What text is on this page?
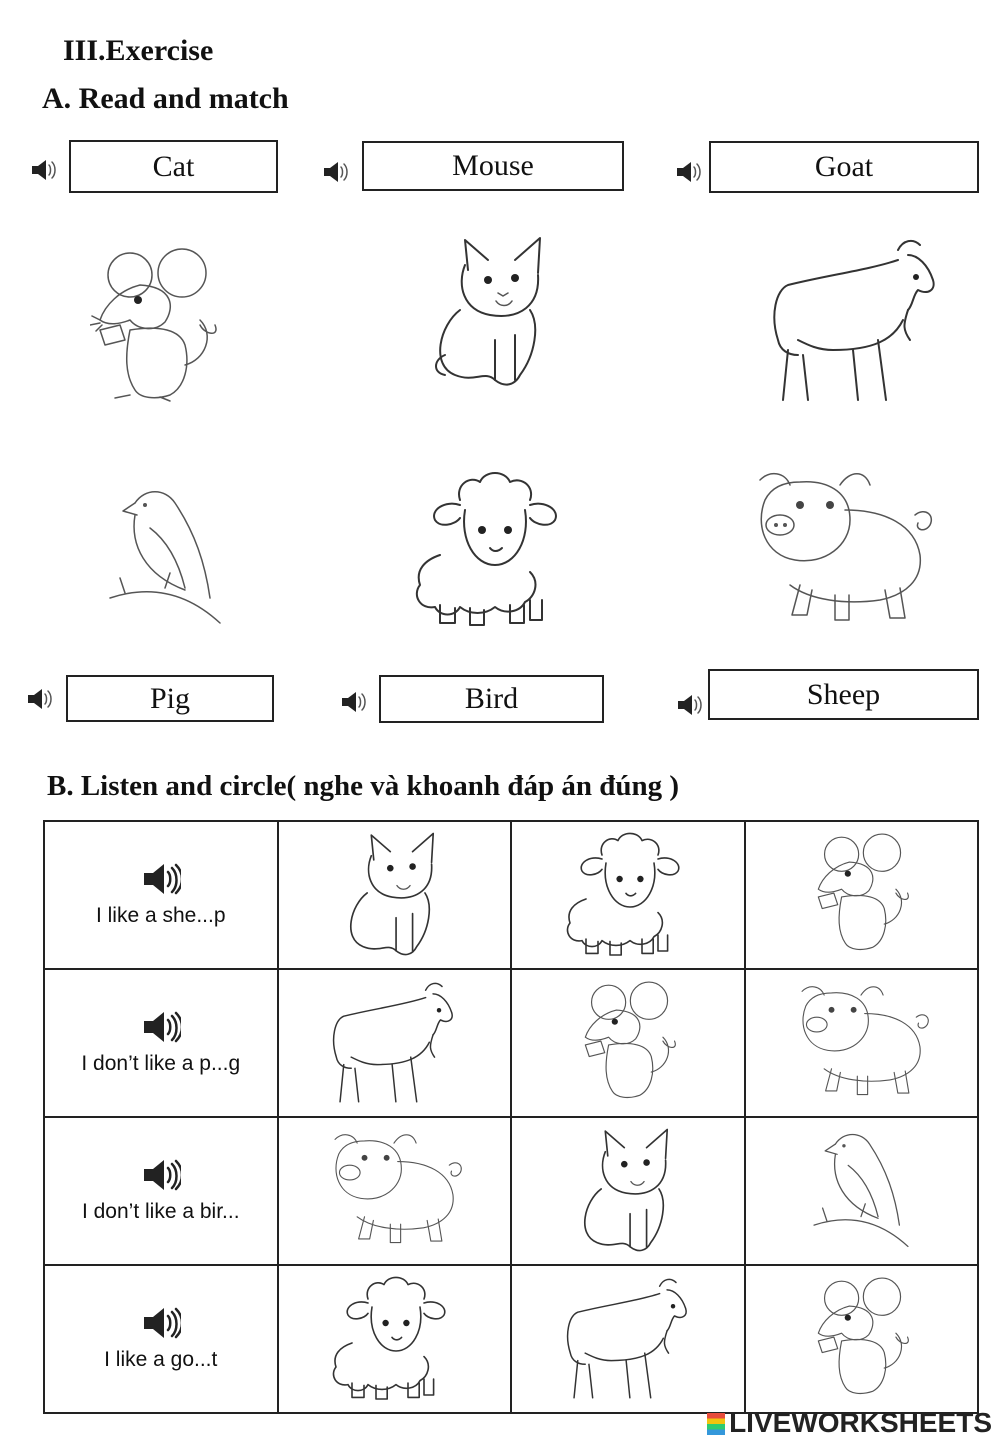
III.Exercise
A. Read and match
Cat	Mouse	Goat
Pig	Bird	Sheep
B. Listen and circle( nghe và khoanh đáp án đúng )
I like a she...p

I don’t like a p...g

I don’t like a bir...

I like a go...t

LIVEWORKSHEETS
